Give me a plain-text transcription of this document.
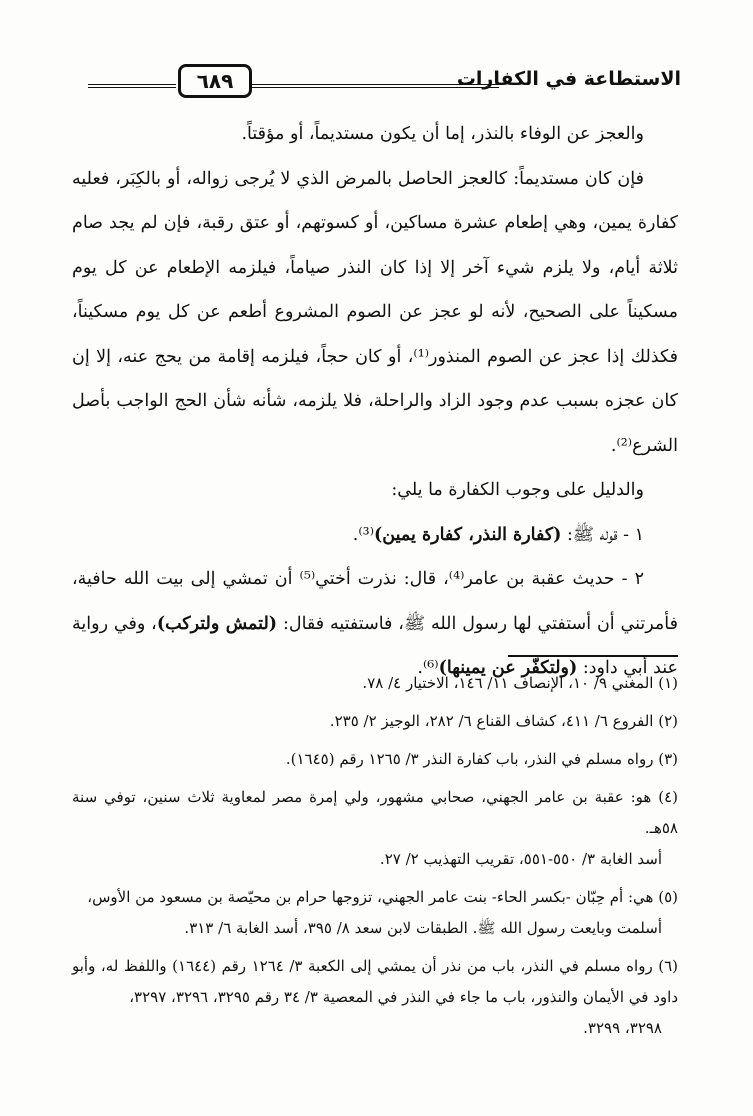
الاستطاعة في الكفارات
٦٨٩

والعجز عن الوفاء بالنذر، إما أن يكون مستديماً، أو مؤقتاً.

فإن كان مستديماً: كالعجز الحاصل بالمرض الذي لا يُرجى زواله، أو بالكِبَر، فعليه كفارة يمين، وهي إطعام عشرة مساكين، أو كسوتهم، أو عتق رقبة، فإن لم يجد صام ثلاثة أيام، ولا يلزم شيء آخر إلا إذا كان النذر صياماً، فيلزمه الإطعام عن كل يوم مسكيناً على الصحيح، لأنه لو عجز عن الصوم المشروع أطعم عن كل يوم مسكيناً، فكذلك إذا عجز عن الصوم المنذور⁽¹⁾، أو كان حجاً، فيلزمه إقامة من يحج عنه، إلا إن كان عجزه بسبب عدم وجود الزاد والراحلة، فلا يلزمه، شأنه شأن الحج الواجب بأصل الشرع⁽²⁾.

والدليل على وجوب الكفارة ما يلي:

١ - قوله ﷺ: (كفارة النذر، كفارة يمين)⁽³⁾.

٢ - حديث عقبة بن عامر⁽⁴⁾، قال: نذرت أختي⁽⁵⁾ أن تمشي إلى بيت الله حافية، فأمرتني أن أستفتي لها رسول الله ﷺ، فاستفتيه فقال: (لتمش ولتركب)، وفي رواية عند أبي داود: (ولتكفّر عن يمينها)⁽⁶⁾.

(١) المغني ٩/ ١٠، الإنصاف ١١/ ١٤٦، الاختيار ٤/ ٧٨.

(٢) الفروع ٦/ ٤١١، كشاف القناع ٦/ ٢٨٢، الوجيز ٢/ ٢٣٥.

(٣) رواه مسلم في النذر، باب كفارة النذر ٣/ ١٢٦٥ رقم (١٦٤٥).

(٤) هو: عقبة بن عامر الجهني، صحابي مشهور، ولي إمرة مصر لمعاوية ثلاث سنين، توفي سنة ٥٨هـ.
أسد الغابة ٣/ ٥٥٠-٥٥١، تقريب التهذيب ٢/ ٢٧.

(٥) هي: أم حِبّان -بكسر الحاء- بنت عامر الجهني، تزوجها حرام بن محيّصة بن مسعود من الأوس،
أسلمت وبايعت رسول الله ﷺ. الطبقات لابن سعد ٨/ ٣٩٥، أسد الغابة ٦/ ٣١٣.

(٦) رواه مسلم في النذر، باب من نذر أن يمشي إلى الكعبة ٣/ ١٢٦٤ رقم (١٦٤٤) واللفظ له، وأبو داود في الأيمان والنذور، باب ما جاء في النذر في المعصية ٣/ ٣٤ رقم ٣٢٩٥، ٣٢٩٦، ٣٢٩٧،
٣٢٩٨، ٣٢٩٩.
